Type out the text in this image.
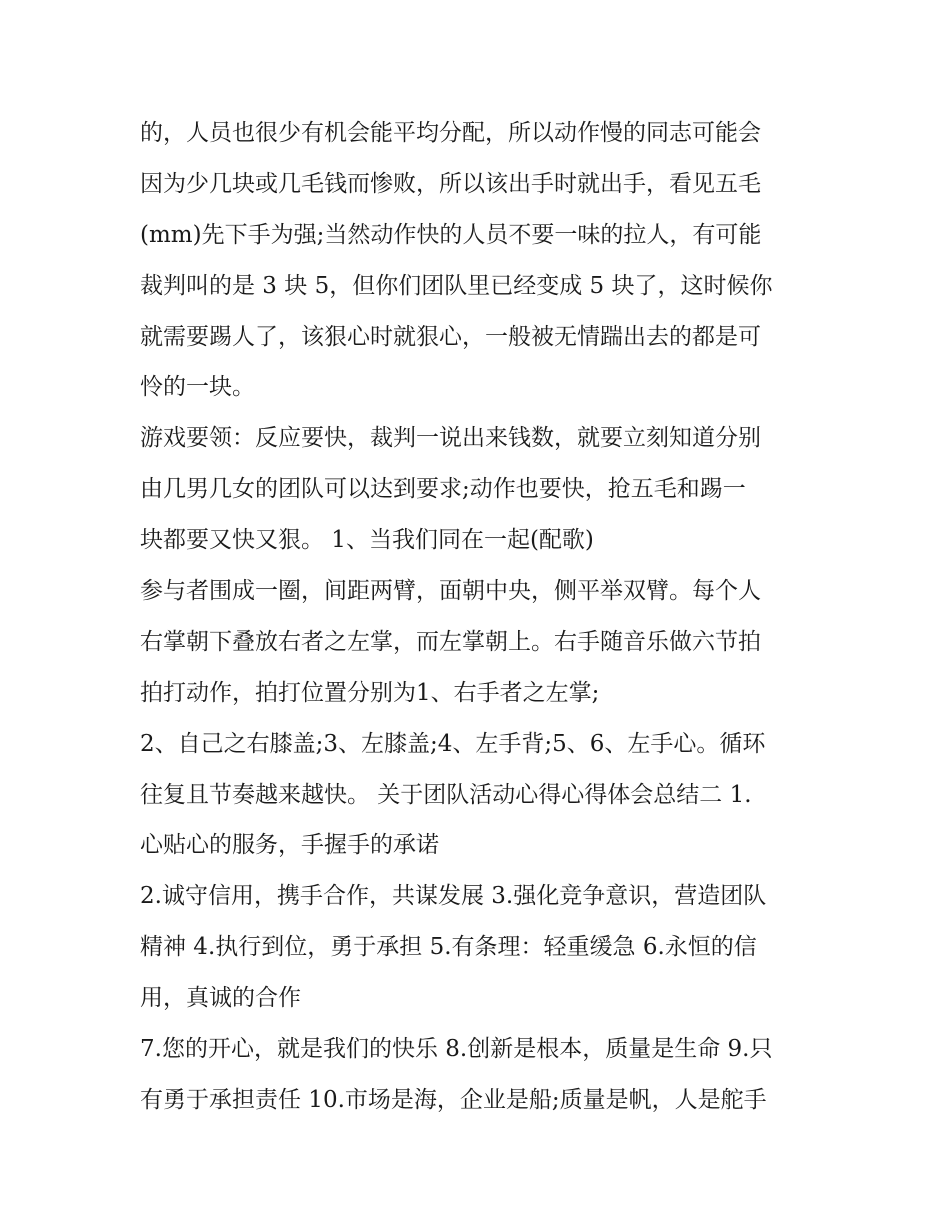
的，人员也很少有机会能平均分配，所以动作慢的同志可能会
因为少几块或几毛钱而惨败，所以该出手时就出手，看见五毛
(mm)先下手为强;当然动作快的人员不要一味的拉人，有可能
裁判叫的是 3 块 5，但你们团队里已经变成 5 块了，这时候你
就需要踢人了，该狠心时就狠心，一般被无情踹出去的都是可
怜的一块。
游戏要领：反应要快，裁判一说出来钱数，就要立刻知道分别
由几男几女的团队可以达到要求;动作也要快，抢五毛和踢一
块都要又快又狠。 1、当我们同在一起(配歌)
参与者围成一圈，间距两臂，面朝中央，侧平举双臂。每个人
右掌朝下叠放右者之左掌，而左掌朝上。右手随音乐做六节拍
拍打动作，拍打位置分别为1、右手者之左掌;
2、自己之右膝盖;3、左膝盖;4、左手背;5、6、左手心。循环
往复且节奏越来越快。 关于团队活动心得心得体会总结二 1.
心贴心的服务，手握手的承诺
2.诚守信用，携手合作，共谋发展 3.强化竞争意识，营造团队
精神 4.执行到位，勇于承担 5.有条理：轻重缓急 6.永恒的信
用，真诚的合作
7.您的开心，就是我们的快乐 8.创新是根本，质量是生命 9.只
有勇于承担责任 10.市场是海，企业是船;质量是帆，人是舵手
